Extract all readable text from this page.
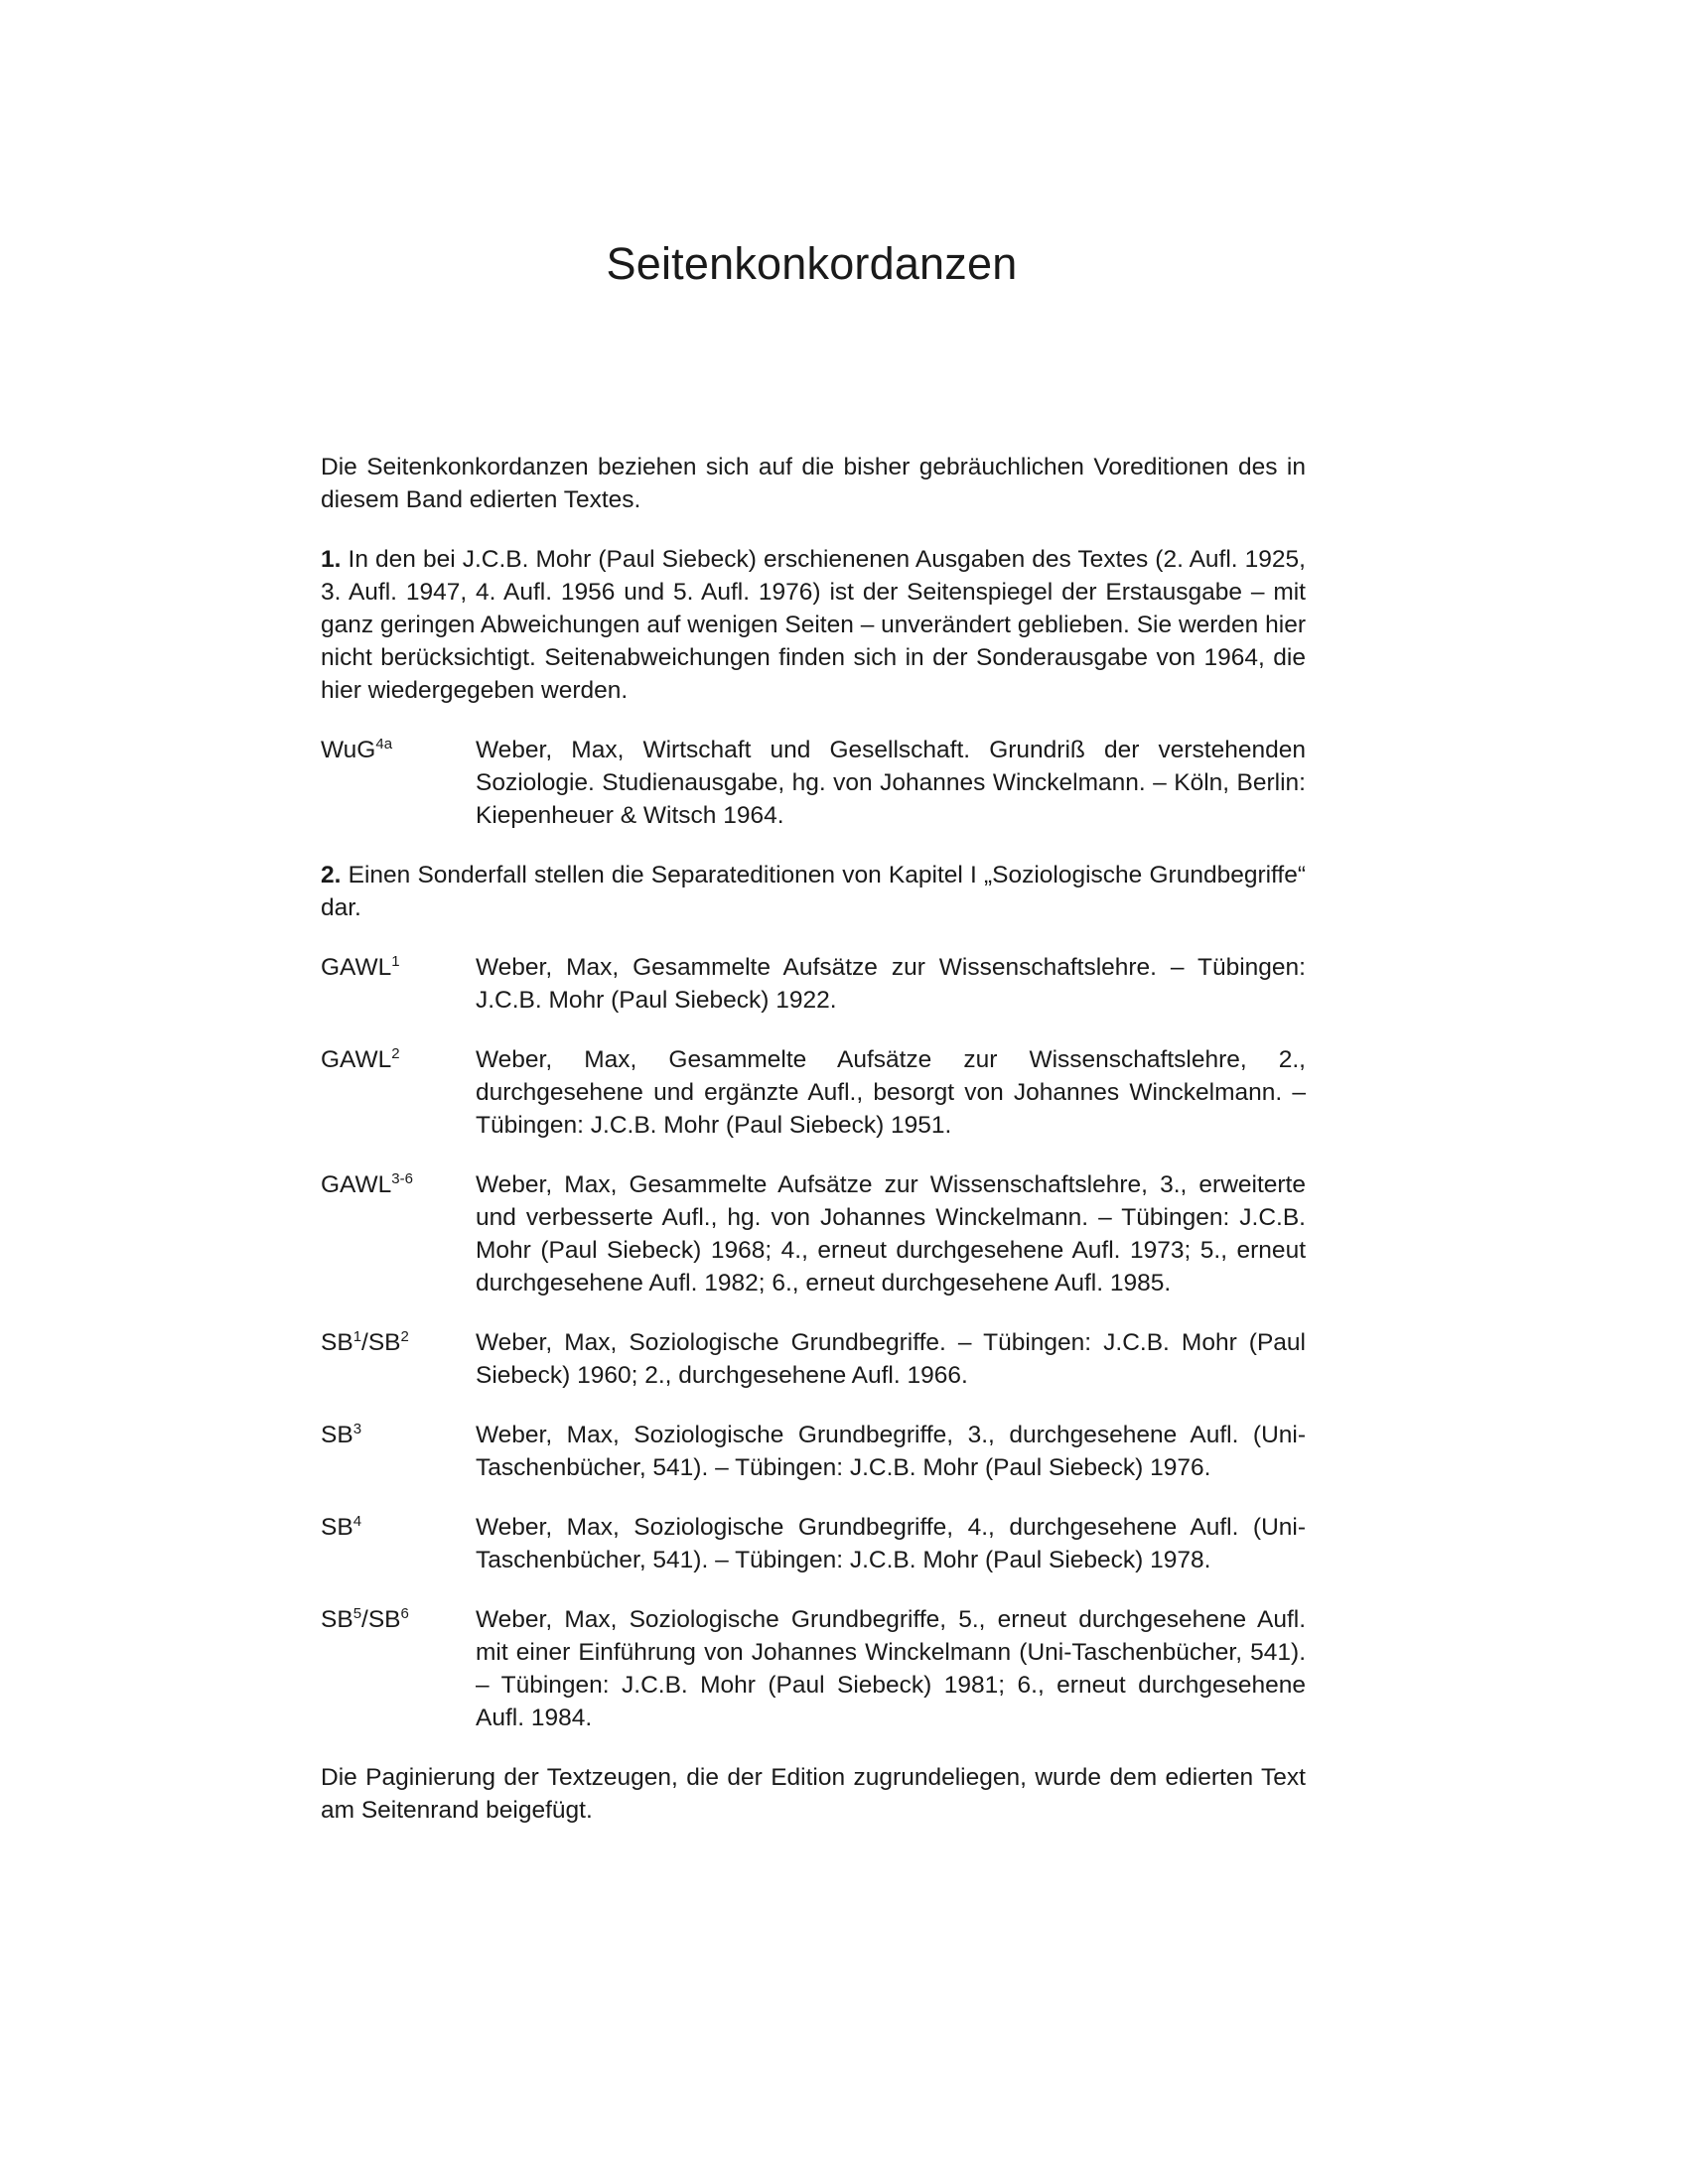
Seitenkonkordanzen

Die Seitenkonkordanzen beziehen sich auf die bisher gebräuchlichen Voreditionen des in diesem Band edierten Textes.

1. In den bei J.C.B. Mohr (Paul Siebeck) erschienenen Ausgaben des Textes (2. Aufl. 1925, 3. Aufl. 1947, 4. Aufl. 1956 und 5. Aufl. 1976) ist der Seitenspiegel der Erstausgabe – mit ganz geringen Abweichungen auf wenigen Seiten – unverändert geblieben. Sie werden hier nicht berücksichtigt. Seitenabweichungen finden sich in der Sonderausgabe von 1964, die hier wiedergegeben werden.

WuG$^{4a}$	Weber, Max, Wirtschaft und Gesellschaft. Grundriß der verstehenden Soziologie. Studienausgabe, hg. von Johannes Winckelmann. – Köln, Berlin: Kiepenheuer & Witsch 1964.

2. Einen Sonderfall stellen die Separateditionen von Kapitel I „Soziologische Grundbegriffe“ dar.

GAWL$^1$	Weber, Max, Gesammelte Aufsätze zur Wissenschaftslehre. – Tübingen: J.C.B. Mohr (Paul Siebeck) 1922.
GAWL$^2$	Weber, Max, Gesammelte Aufsätze zur Wissenschaftslehre, 2., durchgesehene und ergänzte Aufl., besorgt von Johannes Winckelmann. – Tübingen: J.C.B. Mohr (Paul Siebeck) 1951.
GAWL$^{3-6}$	Weber, Max, Gesammelte Aufsätze zur Wissenschaftslehre, 3., erweiterte und verbesserte Aufl., hg. von Johannes Winckelmann. – Tübingen: J.C.B. Mohr (Paul Siebeck) 1968; 4., erneut durchgesehene Aufl. 1973; 5., erneut durchgesehene Aufl. 1982; 6., erneut durchgesehene Aufl. 1985.
$SB^1/SB^2$	Weber, Max, Soziologische Grundbegriffe. – Tübingen: J.C.B. Mohr (Paul Siebeck) 1960; 2., durchgesehene Aufl. 1966.
$SB^3$	Weber, Max, Soziologische Grundbegriffe, 3., durchgesehene Aufl. (Uni-Taschenbücher, 541). – Tübingen: J.C.B. Mohr (Paul Siebeck) 1976.
$SB^4$	Weber, Max, Soziologische Grundbegriffe, 4., durchgesehene Aufl. (Uni-Taschenbücher, 541). – Tübingen: J.C.B. Mohr (Paul Siebeck) 1978.
$SB^5/SB^6$	Weber, Max, Soziologische Grundbegriffe, 5., erneut durchgesehene Aufl. mit einer Einführung von Johannes Winckelmann (Uni-Taschenbücher, 541). – Tübingen: J.C.B. Mohr (Paul Siebeck) 1981; 6., erneut durchgesehene Aufl. 1984.

Die Paginierung der Textzeugen, die der Edition zugrundeliegen, wurde dem edierten Text am Seitenrand beigefügt.
